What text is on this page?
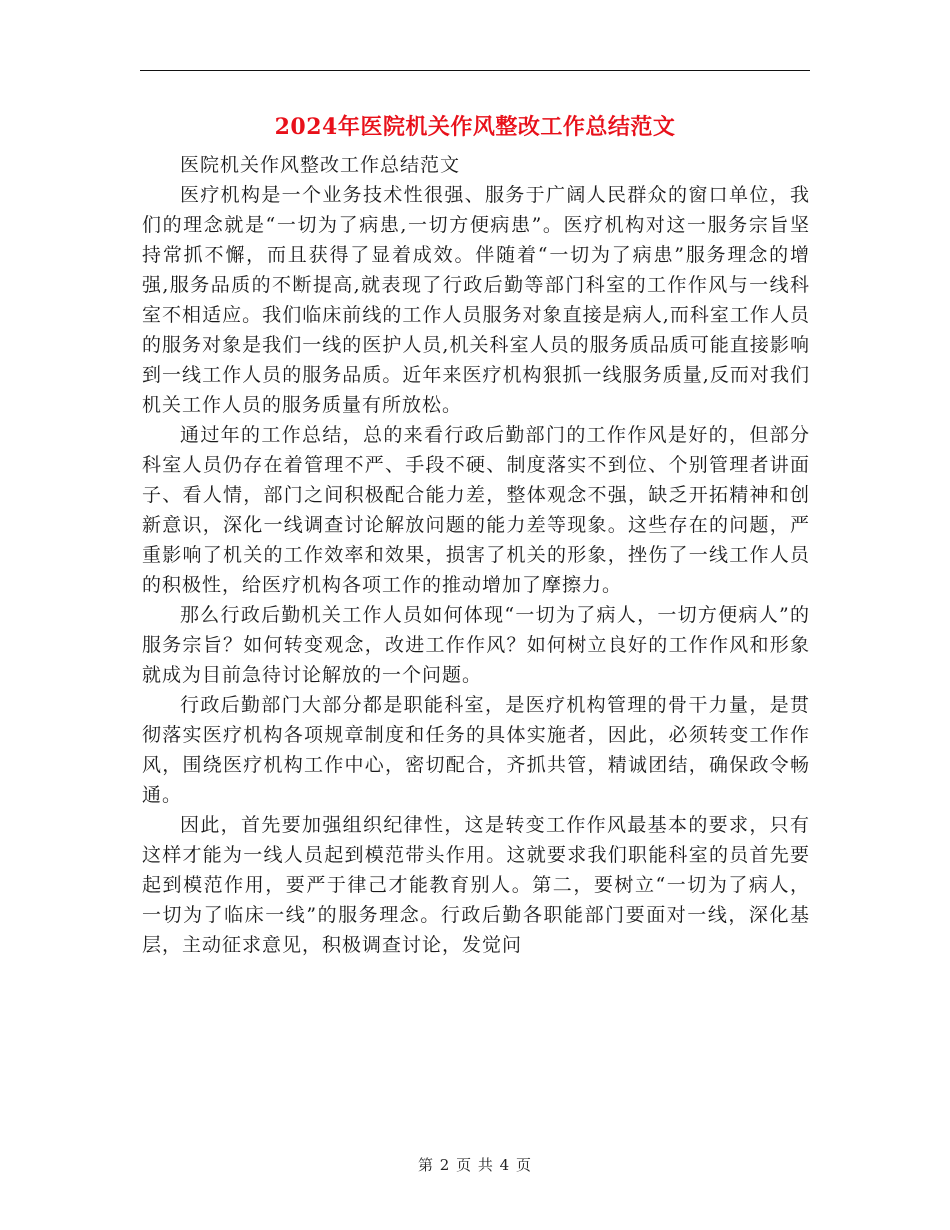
2024年医院机关作风整改工作总结范文

医院机关作风整改工作总结范文

医疗机构是一个业务技术性很强、服务于广阔人民群众的窗口单位，我们的理念就是“一切为了病患,一切方便病患”。医疗机构对这一服务宗旨坚持常抓不懈，而且获得了显着成效。伴随着“一切为了病患”服务理念的增强,服务品质的不断提高,就表现了行政后勤等部门科室的工作作风与一线科室不相适应。我们临床前线的工作人员服务对象直接是病人,而科室工作人员的服务对象是我们一线的医护人员,机关科室人员的服务质品质可能直接影响到一线工作人员的服务品质。近年来医疗机构狠抓一线服务质量,反而对我们机关工作人员的服务质量有所放松。

通过年的工作总结，总的来看行政后勤部门的工作作风是好的，但部分科室人员仍存在着管理不严、手段不硬、制度落实不到位、个别管理者讲面子、看人情，部门之间积极配合能力差，整体观念不强，缺乏开拓精神和创新意识，深化一线调查讨论解放问题的能力差等现象。这些存在的问题，严重影响了机关的工作效率和效果，损害了机关的形象，挫伤了一线工作人员的积极性，给医疗机构各项工作的推动增加了摩擦力。

那么行政后勤机关工作人员如何体现“一切为了病人，一切方便病人”的服务宗旨？如何转变观念，改进工作作风？如何树立良好的工作作风和形象就成为目前急待讨论解放的一个问题。

行政后勤部门大部分都是职能科室，是医疗机构管理的骨干力量，是贯彻落实医疗机构各项规章制度和任务的具体实施者，因此，必须转变工作作风，围绕医疗机构工作中心，密切配合，齐抓共管，精诚团结，确保政令畅通。

因此，首先要加强组织纪律性，这是转变工作作风最基本的要求，只有这样才能为一线人员起到模范带头作用。这就要求我们职能科室的员首先要起到模范作用，要严于律己才能教育别人。第二，要树立“一切为了病人，一切为了临床一线”的服务理念。行政后勤各职能部门要面对一线，深化基层，主动征求意见，积极调查讨论，发觉问

第 2 页 共 4 页
